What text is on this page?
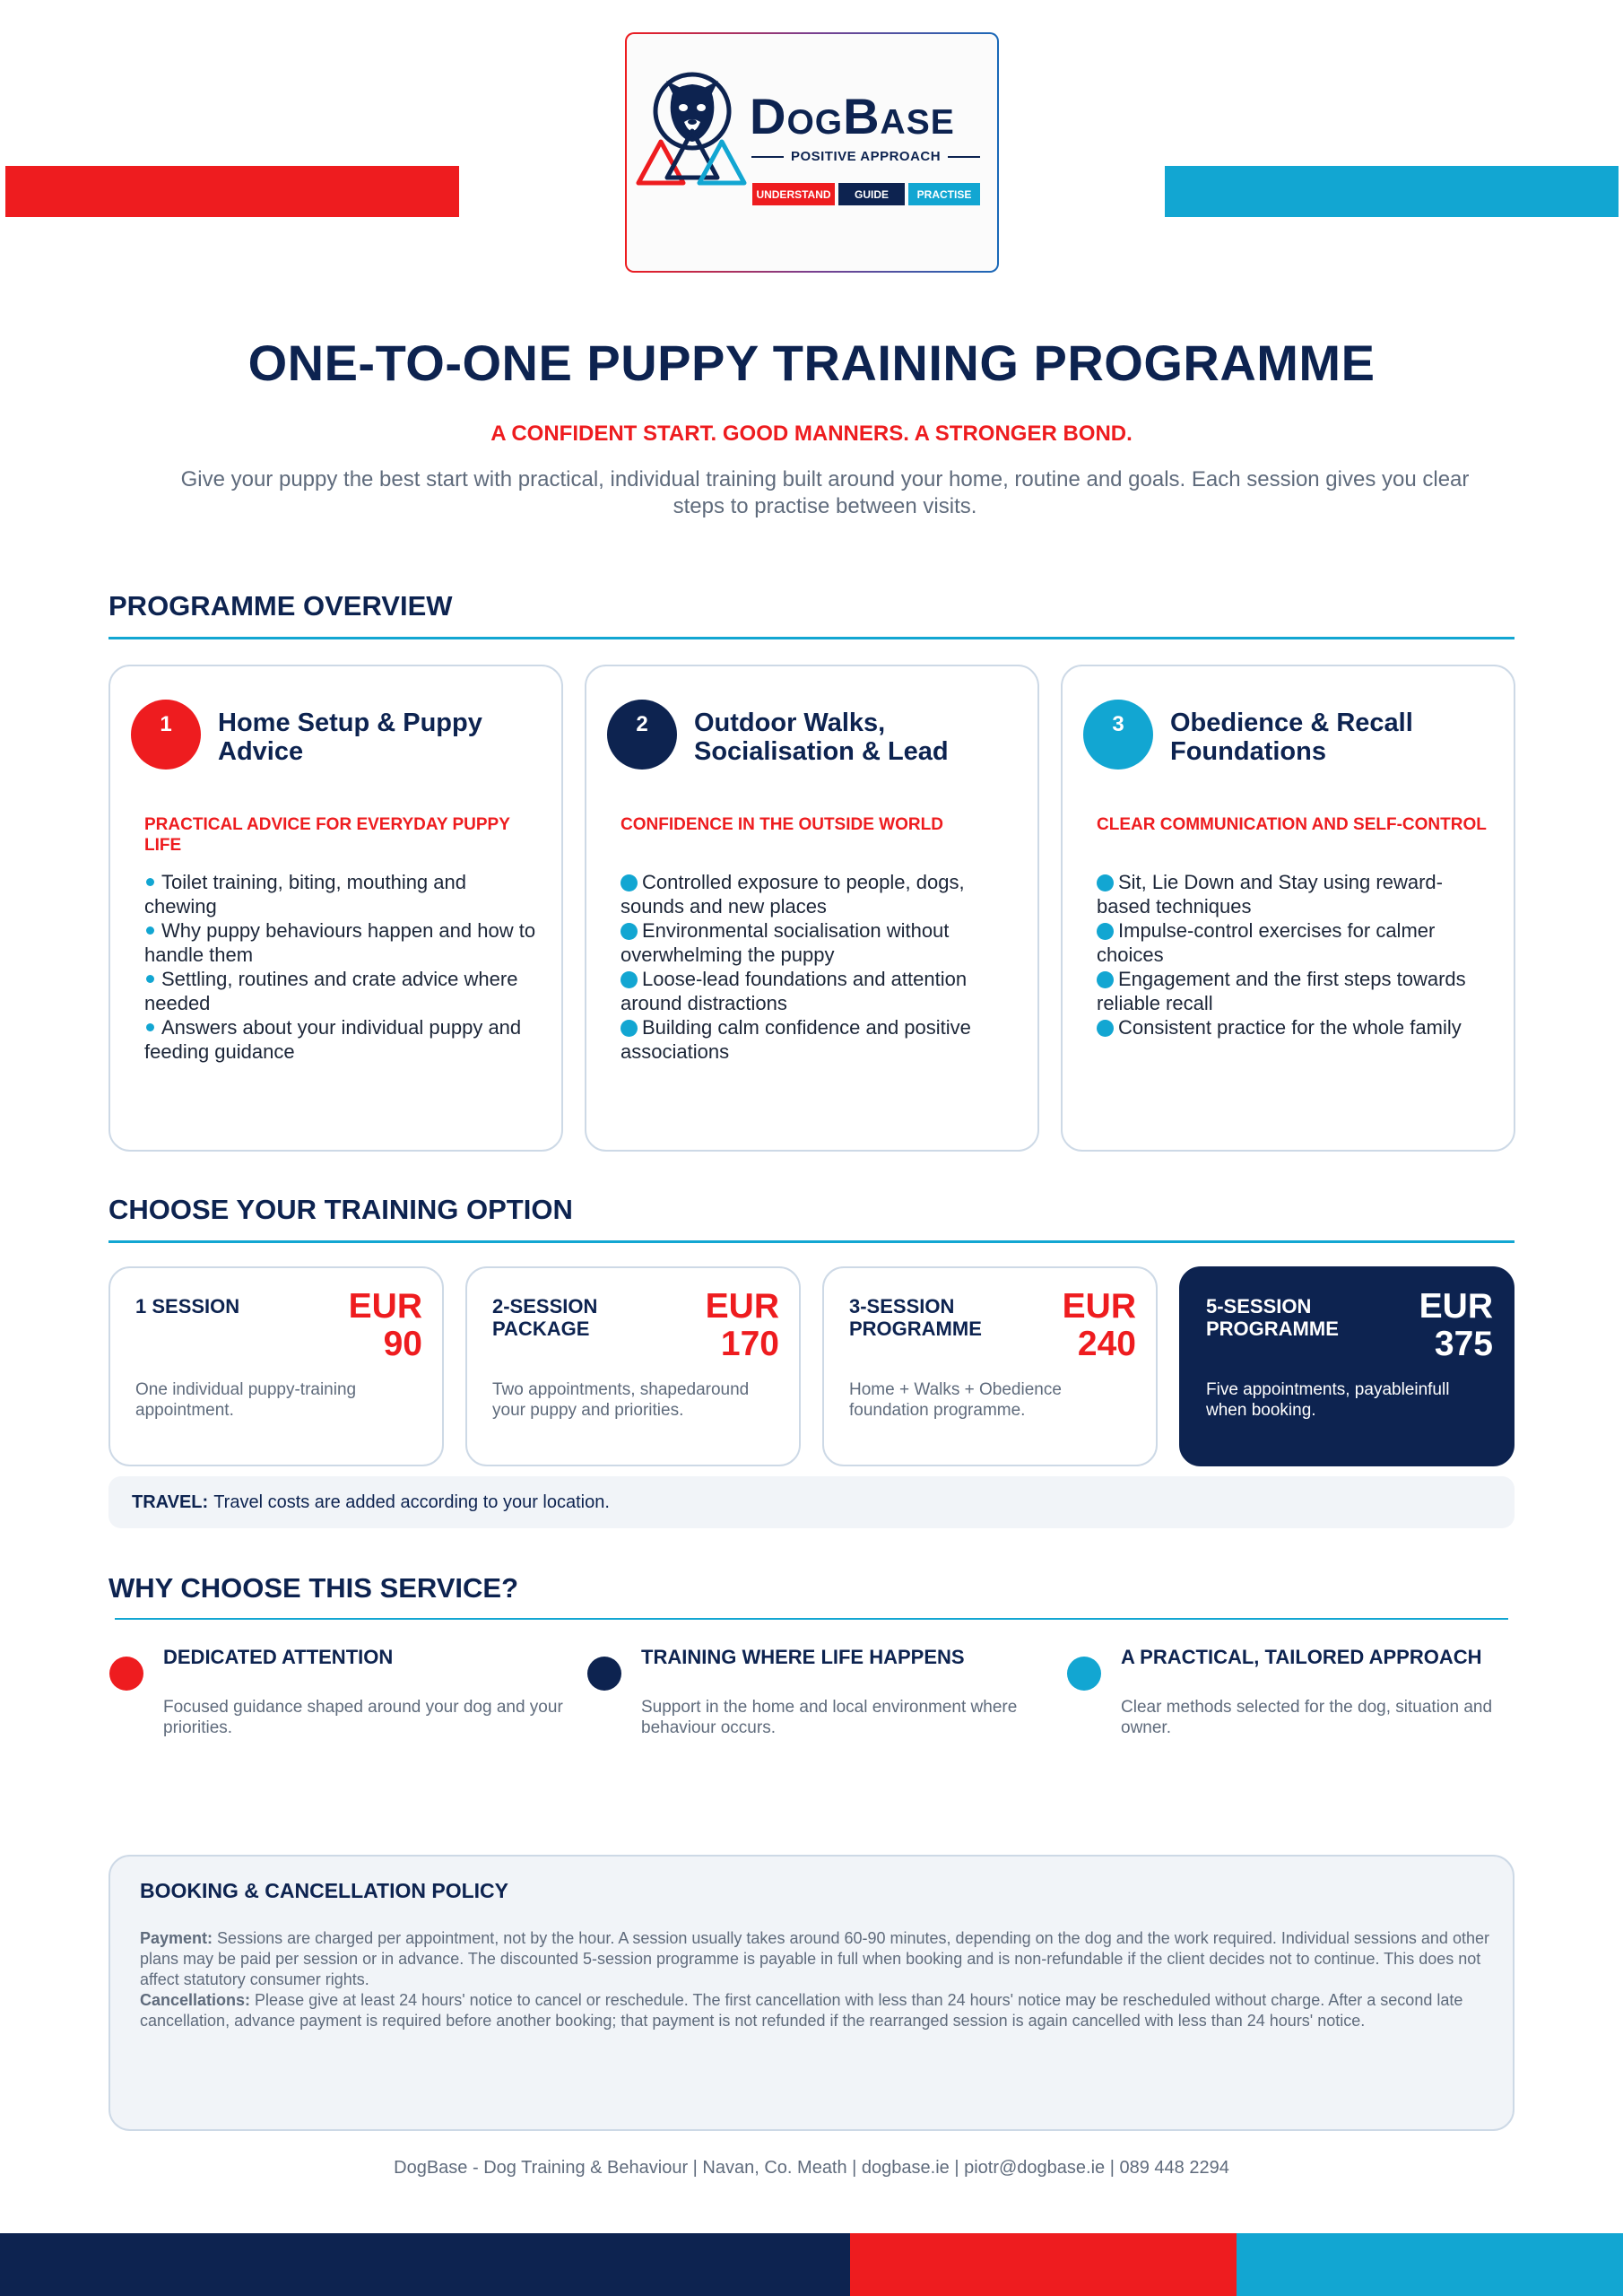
DogBase
POSITIVE APPROACH
UNDERSTAND	GUIDE	PRACTISE
ONE-TO-ONE PUPPY TRAINING PROGRAMME
A CONFIDENT START. GOOD MANNERS. A STRONGER BOND.

Give your puppy the best start with practical, individual training built around your home, routine and goals. Each session gives you clear steps to practise between visits.

PROGRAMME OVERVIEW
1	Home Setup & Puppy Advice
PRACTICAL ADVICE FOR EVERYDAY PUPPY LIFE
Toilet training, biting, mouthing and chewing
Why puppy behaviours happen and how to handle them
Settling, routines and crate advice where needed
Answers about your individual puppy and feeding guidance
2	Outdoor Walks, Socialisation & Lead
CONFIDENCE IN THE OUTSIDE WORLD
Controlled exposure to people, dogs, sounds and new places
Environmental socialisation without overwhelming the puppy
Loose-lead foundations and attention around distractions
Building calm confidence and positive associations
3	Obedience & Recall Foundations
CLEAR COMMUNICATION AND SELF-CONTROL
Sit, Lie Down and Stay using reward-based techniques
Impulse-control exercises for calmer choices
Engagement and the first steps towards reliable recall
Consistent practice for the whole family
CHOOSE YOUR TRAINING OPTION
1 SESSION	EUR
90
One individual puppy-training appointment.
2-SESSION PACKAGE
EUR
170
Two appointments, shapedaround your puppy and priorities.
3-SESSION PROGRAMME
EUR
240
Home + Walks + Obedience foundation programme.
5-SESSION PROGRAMME
EUR
375
Five appointments, payableinfull when booking.
TRAVEL: Travel costs are added according to your location.
WHY CHOOSE THIS SERVICE?
DEDICATED ATTENTION
Focused guidance shaped around your dog and your priorities.
TRAINING WHERE LIFE HAPPENS
Support in the home and local environment where behaviour occurs.
A PRACTICAL, TAILORED APPROACH
Clear methods selected for the dog, situation and owner.
BOOKING & CANCELLATION POLICY
Payment: Sessions are charged per appointment, not by the hour. A session usually takes around 60-90 minutes, depending on the dog and the work required. Individual sessions and other plans may be paid per session or in advance. The discounted 5-session programme is payable in full when booking and is non-refundable if the client decides not to continue. This does not affect statutory consumer rights.
Cancellations: Please give at least 24 hours' notice to cancel or reschedule. The first cancellation with less than 24 hours' notice may be rescheduled without charge. After a second late cancellation, advance payment is required before another booking; that payment is not refunded if the rearranged session is again cancelled with less than 24 hours' notice.
DogBase - Dog Training & Behaviour | Navan, Co. Meath | dogbase.ie | piotr@dogbase.ie | 089 448 2294
